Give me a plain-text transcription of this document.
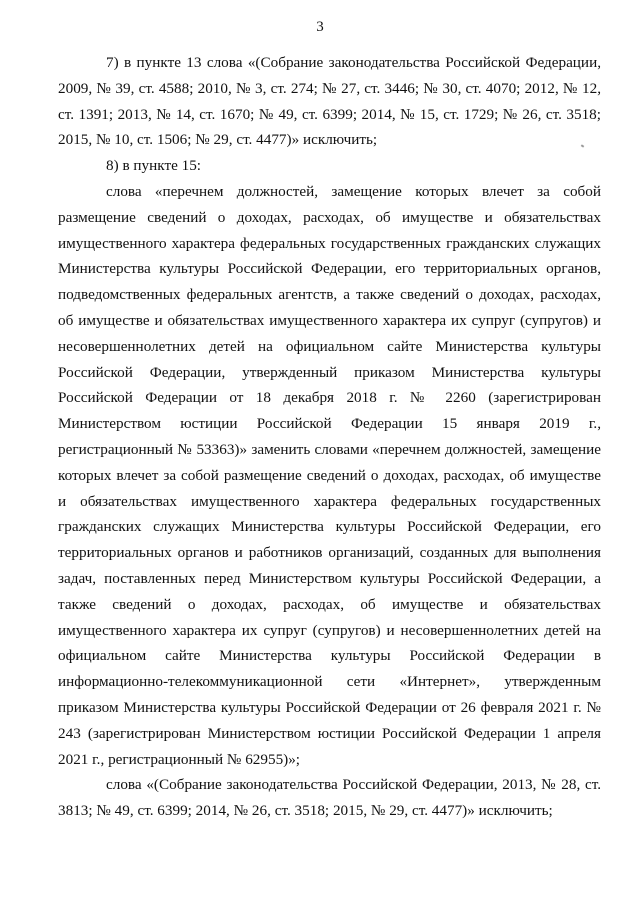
3

7) в пункте 13 слова «(Собрание законодательства Российской Федерации, 2009, № 39, ст. 4588; 2010, № 3, ст. 274; № 27, ст. 3446; № 30, ст. 4070; 2012, № 12, ст. 1391; 2013, № 14, ст. 1670; № 49, ст. 6399; 2014, № 15, ст. 1729; № 26, ст. 3518; 2015, № 10, ст. 1506; № 29, ст. 4477)» исключить;

8) в пункте 15:

слова «перечнем должностей, замещение которых влечет за собой размещение сведений о доходах, расходах, об имуществе и обязательствах имущественного характера федеральных государственных гражданских служащих Министерства культуры Российской Федерации, его территориальных органов, подведомственных федеральных агентств, а также сведений о доходах, расходах, об имуществе и обязательствах имущественного характера их супруг (супругов) и несовершеннолетних детей на официальном сайте Министерства культуры Российской Федерации, утвержденный приказом Министерства культуры Российской Федерации от 18 декабря 2018 г. № 2260 (зарегистрирован Министерством юстиции Российской Федерации 15 января 2019 г., регистрационный № 53363)» заменить словами «перечнем должностей, замещение которых влечет за собой размещение сведений о доходах, расходах, об имуществе и обязательствах имущественного характера федеральных государственных гражданских служащих Министерства культуры Российской Федерации, его территориальных органов и работников организаций, созданных для выполнения задач, поставленных перед Министерством культуры Российской Федерации, а также сведений о доходах, расходах, об имуществе и обязательствах имущественного характера их супруг (супругов) и несовершеннолетних детей на официальном сайте Министерства культуры Российской Федерации в информационно-телекоммуникационной сети «Интернет», утвержденным приказом Министерства культуры Российской Федерации от 26 февраля 2021 г. № 243 (зарегистрирован Министерством юстиции Российской Федерации 1 апреля 2021 г., регистрационный № 62955)»;

слова «(Собрание законодательства Российской Федерации, 2013, № 28, ст. 3813; № 49, ст. 6399; 2014, № 26, ст. 3518; 2015, № 29, ст. 4477)» исключить;
